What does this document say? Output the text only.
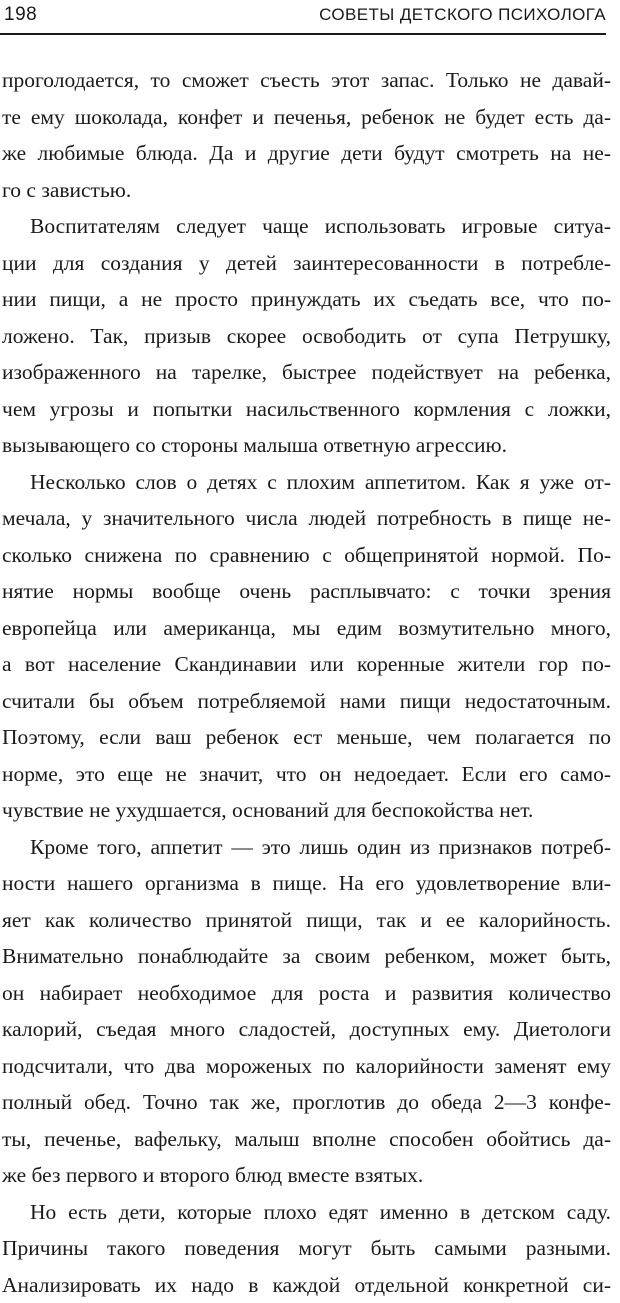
198	СОВЕТЫ ДЕТСКОГО ПСИХОЛОГА
проголодается, то сможет съесть этот запас. Только не давай-
те ему шоколада, конфет и печенья, ребенок не будет есть да-
же любимые блюда. Да и другие дети будут смотреть на не-
го с завистью.
Воспитателям следует чаще использовать игровые ситуа-
ции для создания у детей заинтересованности в потребле-
нии пищи, а не просто принуждать их съедать все, что по-
ложено. Так, призыв скорее освободить от супа Петрушку,
изображенного на тарелке, быстрее подействует на ребенка,
чем угрозы и попытки насильственного кормления с ложки,
вызывающего со стороны малыша ответную агрессию.
Несколько слов о детях с плохим аппетитом. Как я уже от-
мечала, у значительного числа людей потребность в пище не-
сколько снижена по сравнению с общепринятой нормой. По-
нятие нормы вообще очень расплывчато: с точки зрения
европейца или американца, мы едим возмутительно много,
а вот население Скандинавии или коренные жители гор по-
считали бы объем потребляемой нами пищи недостаточным.
Поэтому, если ваш ребенок ест меньше, чем полагается по
норме, это еще не значит, что он недоедает. Если его само-
чувствие не ухудшается, оснований для беспокойства нет.
Кроме того, аппетит — это лишь один из признаков потреб-
ности нашего организма в пище. На его удовлетворение вли-
яет как количество принятой пищи, так и ее калорийность.
Внимательно понаблюдайте за своим ребенком, может быть,
он набирает необходимое для роста и развития количество
калорий, съедая много сладостей, доступных ему. Диетологи
подсчитали, что два мороженых по калорийности заменят ему
полный обед. Точно так же, проглотив до обеда 2—3 конфе-
ты, печенье, вафельку, малыш вполне способен обойтись да-
же без первого и второго блюд вместе взятых.
Но есть дети, которые плохо едят именно в детском саду.
Причины такого поведения могут быть самыми разными.
Анализировать их надо в каждой отдельной конкретной си-
